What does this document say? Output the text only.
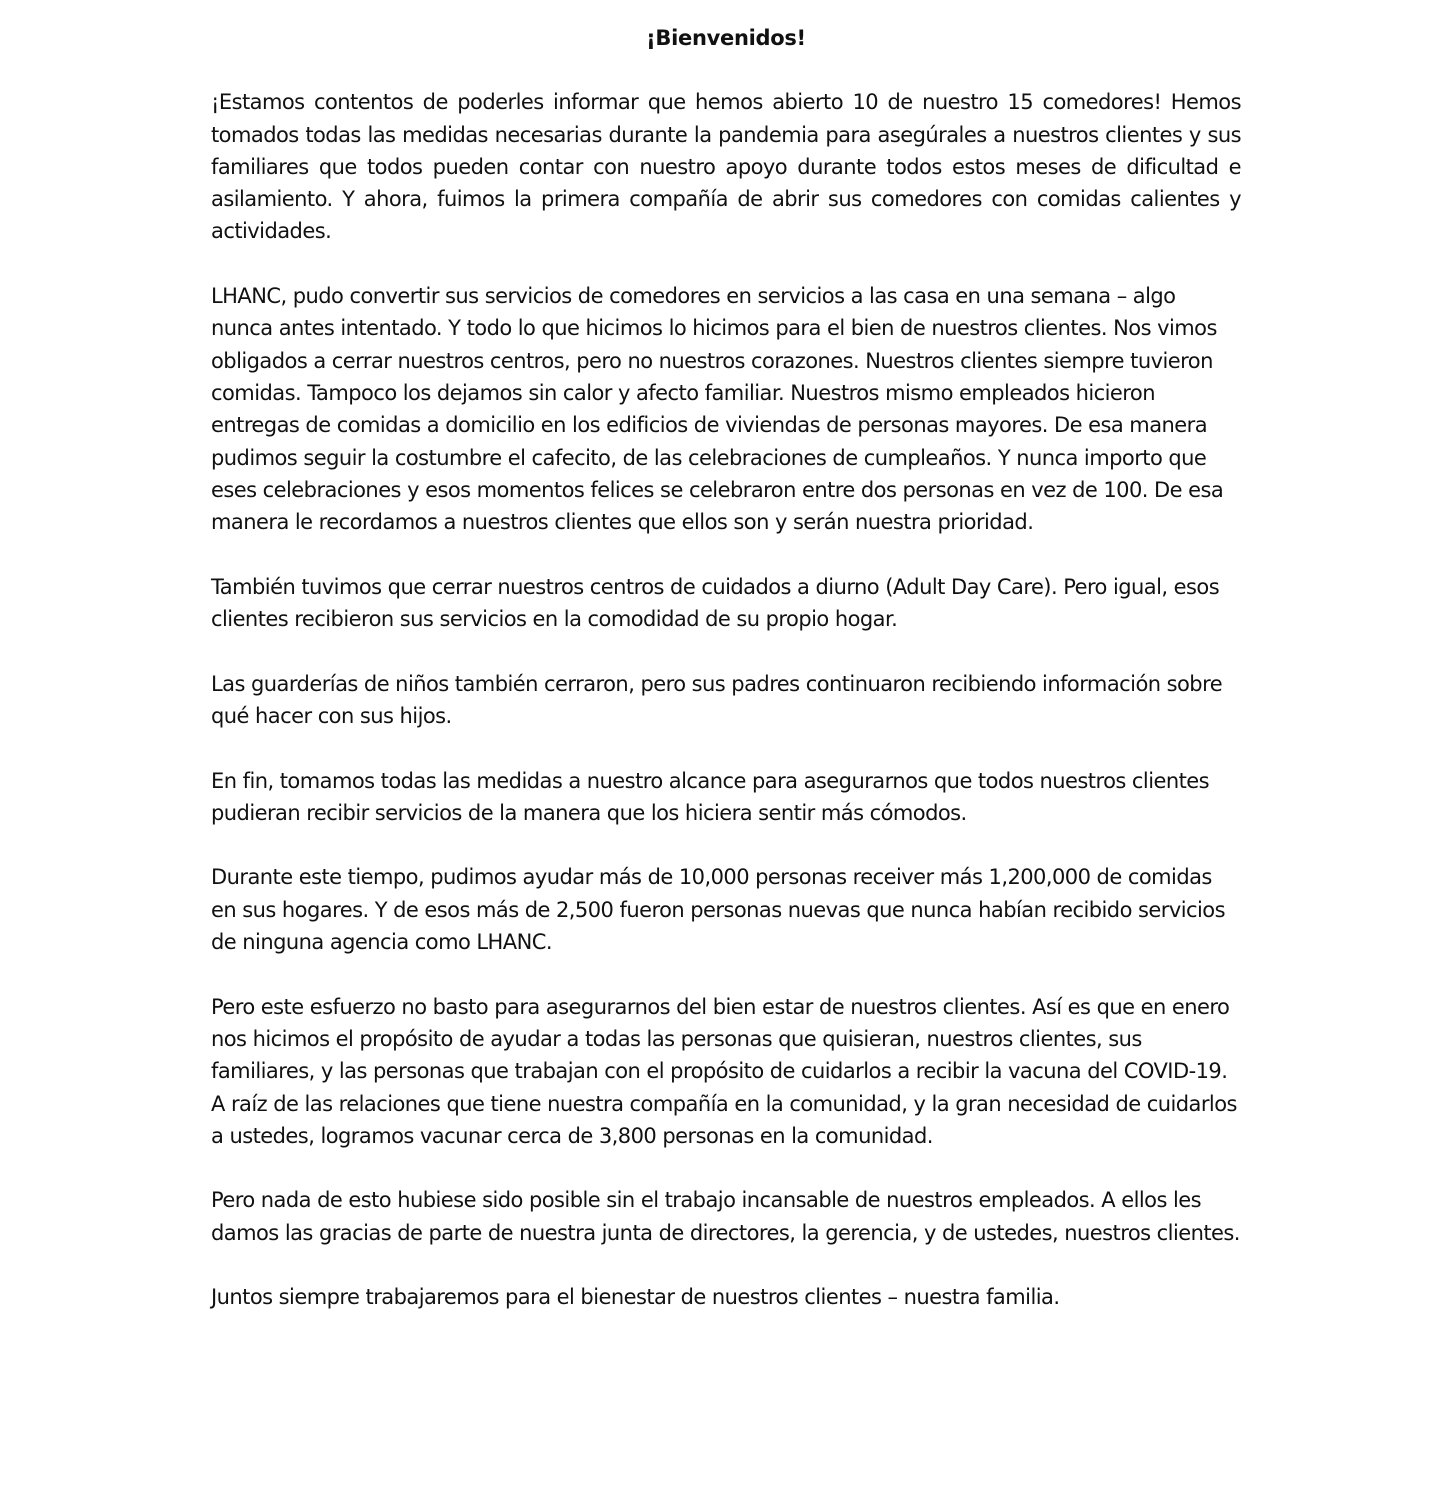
¡Bienvenidos!

¡Estamos contentos de poderles informar que hemos abierto 10 de nuestro 15 comedores! Hemos tomados todas las medidas necesarias durante la pandemia para asegúrales a nuestros clientes y sus familiares que todos pueden contar con nuestro apoyo durante todos estos meses de dificultad e asilamiento. Y ahora, fuimos la primera compañía de abrir sus comedores con comidas calientes y actividades.

LHANC, pudo convertir sus servicios de comedores en servicios a las casa en una semana – algo nunca antes intentado. Y todo lo que hicimos lo hicimos para el bien de nuestros clientes. Nos vimos obligados a cerrar nuestros centros, pero no nuestros corazones. Nuestros clientes siempre tuvieron comidas. Tampoco los dejamos sin calor y afecto familiar. Nuestros mismo empleados hicieron entregas de comidas a domicilio en los edificios de viviendas de personas mayores. De esa manera pudimos seguir la costumbre el cafecito, de las celebraciones de cumpleaños. Y nunca importo que eses celebraciones y esos momentos felices se celebraron entre dos personas en vez de 100. De esa manera le recordamos a nuestros clientes que ellos son y serán nuestra prioridad.

También tuvimos que cerrar nuestros centros de cuidados a diurno (Adult Day Care). Pero igual, esos clientes recibieron sus servicios en la comodidad de su propio hogar.

Las guarderías de niños también cerraron, pero sus padres continuaron recibiendo información sobre qué hacer con sus hijos.

En fin, tomamos todas las medidas a nuestro alcance para asegurarnos que todos nuestros clientes pudieran recibir servicios de la manera que los hiciera sentir más cómodos.

Durante este tiempo, pudimos ayudar más de 10,000 personas receiver más 1,200,000 de comidas en sus hogares. Y de esos más de 2,500 fueron personas nuevas que nunca habían recibido servicios de ninguna agencia como LHANC.

Pero este esfuerzo no basto para asegurarnos del bien estar de nuestros clientes. Así es que en enero nos hicimos el propósito de ayudar a todas las personas que quisieran, nuestros clientes, sus familiares, y las personas que trabajan con el propósito de cuidarlos a recibir la vacuna del COVID-19. A raíz de las relaciones que tiene nuestra compañía en la comunidad, y la gran necesidad de cuidarlos a ustedes, logramos vacunar cerca de 3,800 personas en la comunidad.

Pero nada de esto hubiese sido posible sin el trabajo incansable de nuestros empleados. A ellos les damos las gracias de parte de nuestra junta de directores, la gerencia, y de ustedes, nuestros clientes.

Juntos siempre trabajaremos para el bienestar de nuestros clientes – nuestra familia.
